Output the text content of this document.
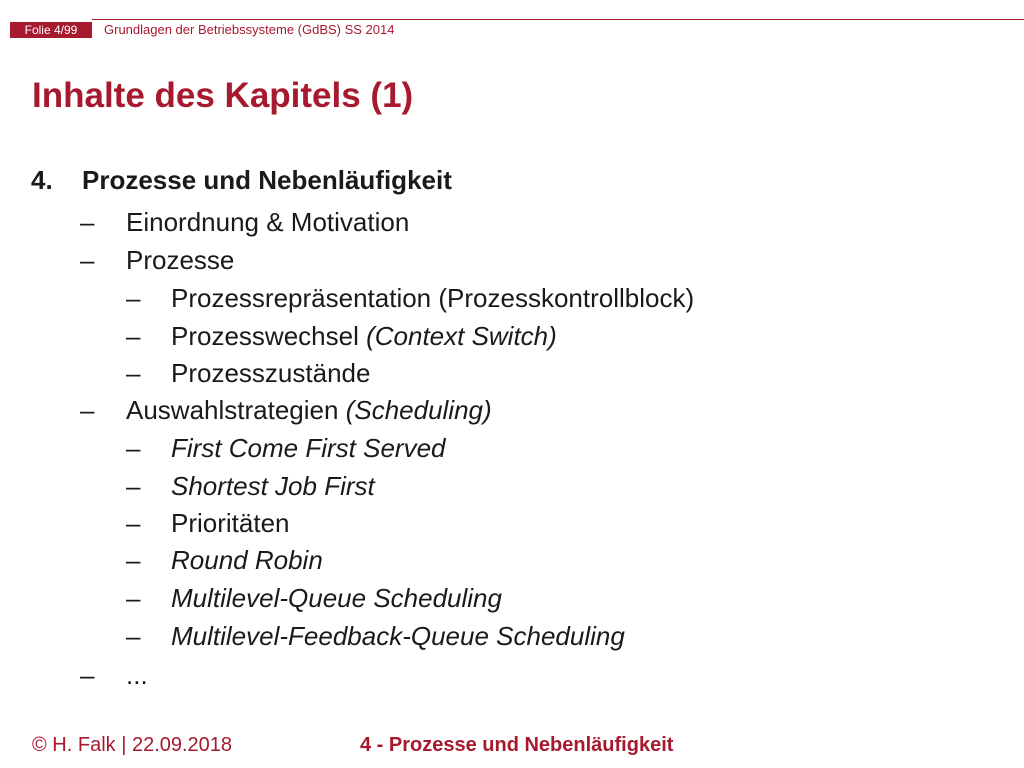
Folie 4/99	Grundlagen der Betriebssysteme (GdBS) SS 2014
Inhalte des Kapitels (1)
4. Prozesse und Nebenläufigkeit
– Einordnung & Motivation
– Prozesse
– Prozessrepräsentation (Prozesskontrollblock)
– Prozesswechsel (Context Switch)
– Prozesszustände
– Auswahlstrategien (Scheduling)
– First Come First Served
– Shortest Job First
– Prioritäten
– Round Robin
– Multilevel-Queue Scheduling
– Multilevel-Feedback-Queue Scheduling
– ...
© H. Falk | 22.09.2018	4 - Prozesse und Nebenläufigkeit
